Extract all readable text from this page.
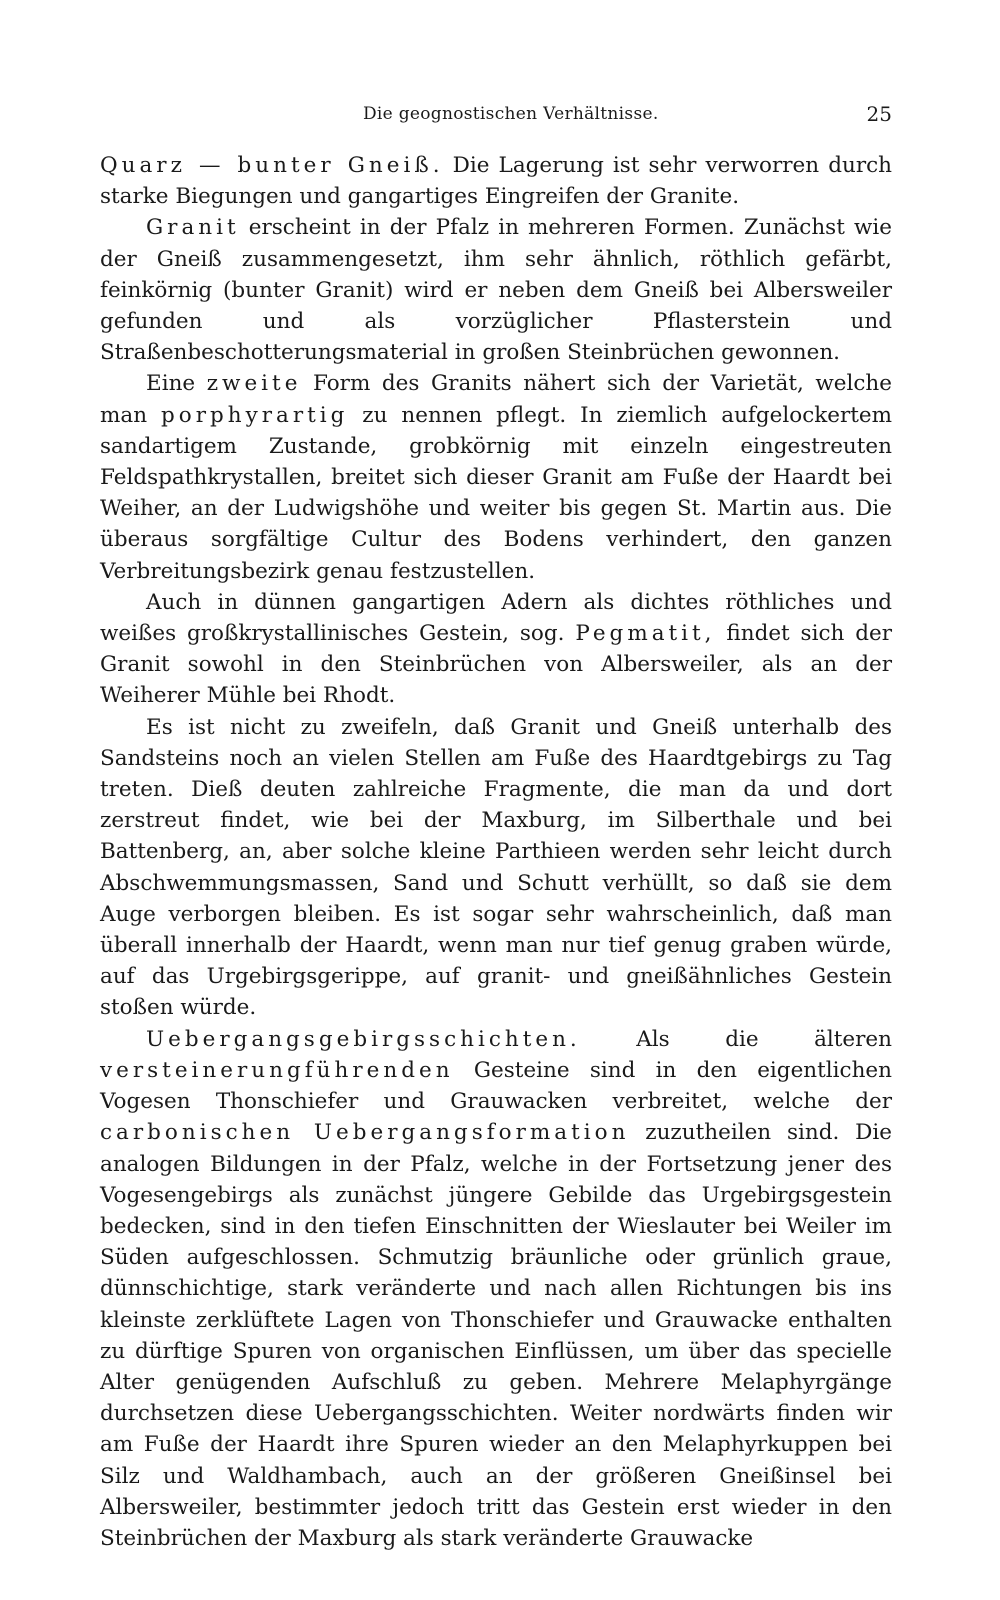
Die geognostischen Verhältnisse.	25

Quarz — bunter Gneiß. Die Lagerung ist sehr verworren durch starke Biegungen und gangartiges Eingreifen der Granite.

Granit erscheint in der Pfalz in mehreren Formen. Zunächst wie der Gneiß zusammengesetzt, ihm sehr ähnlich, röthlich gefärbt, feinkörnig (bunter Granit) wird er neben dem Gneiß bei Albersweiler gefunden und als vorzüglicher Pflasterstein und Straßenbeschotterungsmaterial in großen Steinbrüchen gewonnen.

Eine zweite Form des Granits nähert sich der Varietät, welche man porphyrartig zu nennen pflegt. In ziemlich aufgelockertem sandartigem Zustande, grobkörnig mit einzeln eingestreuten Feldspathkrystallen, breitet sich dieser Granit am Fuße der Haardt bei Weiher, an der Ludwigshöhe und weiter bis gegen St. Martin aus. Die überaus sorgfältige Cultur des Bodens verhindert, den ganzen Verbreitungsbezirk genau festzustellen.

Auch in dünnen gangartigen Adern als dichtes röthliches und weißes großkrystallinisches Gestein, sog. Pegmatit, findet sich der Granit sowohl in den Steinbrüchen von Albersweiler, als an der Weiherer Mühle bei Rhodt.

Es ist nicht zu zweifeln, daß Granit und Gneiß unterhalb des Sandsteins noch an vielen Stellen am Fuße des Haardtgebirgs zu Tag treten. Dieß deuten zahlreiche Fragmente, die man da und dort zerstreut findet, wie bei der Maxburg, im Silberthale und bei Battenberg, an, aber solche kleine Parthieen werden sehr leicht durch Abschwemmungsmassen, Sand und Schutt verhüllt, so daß sie dem Auge verborgen bleiben. Es ist sogar sehr wahrscheinlich, daß man überall innerhalb der Haardt, wenn man nur tief genug graben würde, auf das Urgebirgsgerippe, auf granit- und gneißähnliches Gestein stoßen würde.

Uebergangsgebirgsschichten. Als die älteren versteinerungführenden Gesteine sind in den eigentlichen Vogesen Thonschiefer und Grauwacken verbreitet, welche der carbonischen Uebergangsformation zuzutheilen sind. Die analogen Bildungen in der Pfalz, welche in der Fortsetzung jener des Vogesengebirgs als zunächst jüngere Gebilde das Urgebirgsgestein bedecken, sind in den tiefen Einschnitten der Wieslauter bei Weiler im Süden aufgeschlossen. Schmutzig bräunliche oder grünlich graue, dünnschichtige, stark veränderte und nach allen Richtungen bis ins kleinste zerklüftete Lagen von Thonschiefer und Grauwacke enthalten zu dürftige Spuren von organischen Einflüssen, um über das specielle Alter genügenden Aufschluß zu geben. Mehrere Melaphyrgänge durchsetzen diese Uebergangsschichten. Weiter nordwärts finden wir am Fuße der Haardt ihre Spuren wieder an den Melaphyrkuppen bei Silz und Waldhambach, auch an der größeren Gneißinsel bei Albersweiler, bestimmter jedoch tritt das Gestein erst wieder in den Steinbrüchen der Maxburg als stark veränderte Grauwacke
